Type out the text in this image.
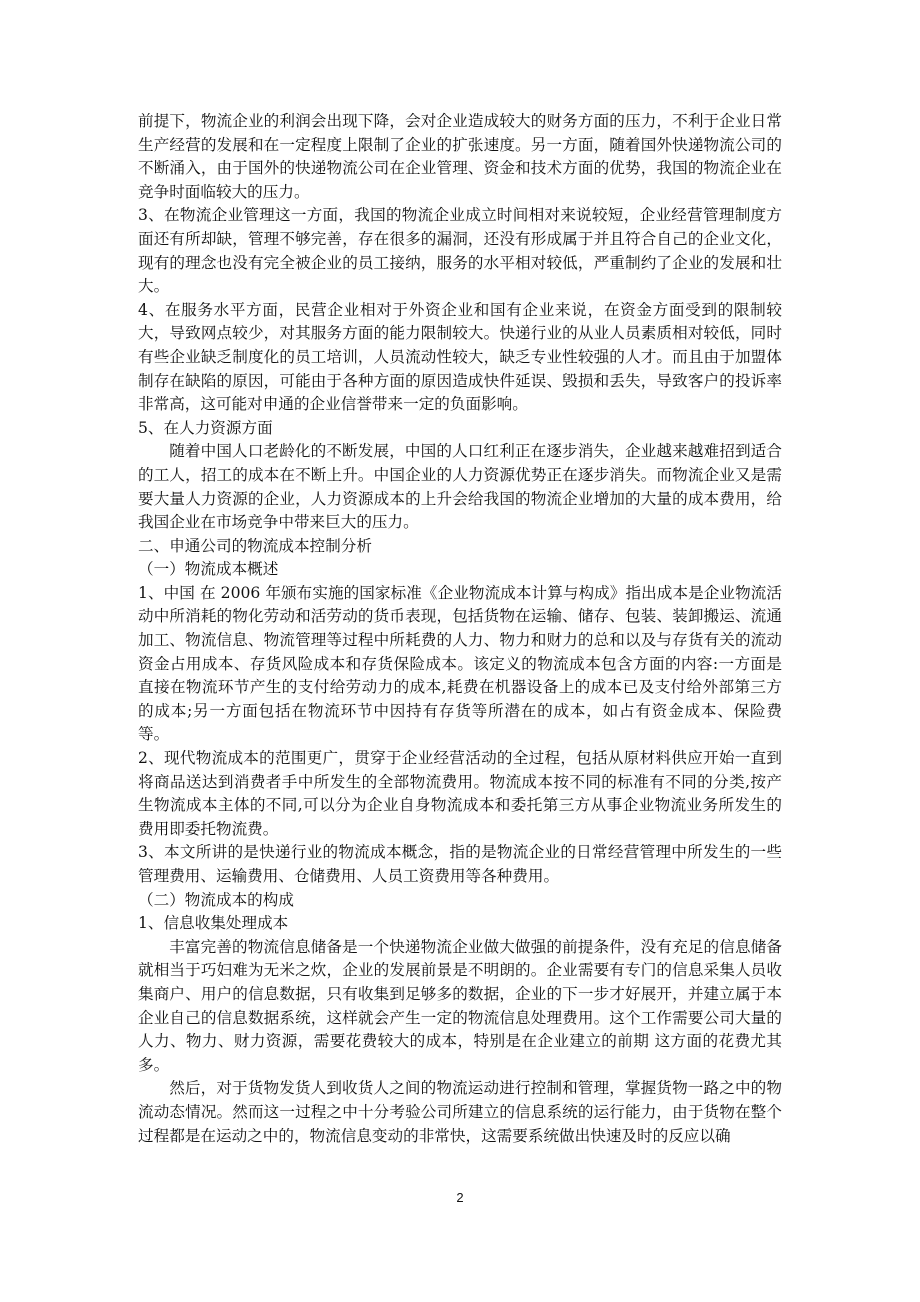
前提下，物流企业的利润会出现下降，会对企业造成较大的财务方面的压力，不利于企业日常生产经营的发展和在一定程度上限制了企业的扩张速度。另一方面，随着国外快递物流公司的不断涌入，由于国外的快递物流公司在企业管理、资金和技术方面的优势，我国的物流企业在竞争时面临较大的压力。

3、在物流企业管理这一方面，我国的物流企业成立时间相对来说较短，企业经营管理制度方面还有所却缺，管理不够完善，存在很多的漏洞，还没有形成属于并且符合自己的企业文化，现有的理念也没有完全被企业的员工接纳，服务的水平相对较低，严重制约了企业的发展和壮大。

4、在服务水平方面，民营企业相对于外资企业和国有企业来说，在资金方面受到的限制较大，导致网点较少，对其服务方面的能力限制较大。快递行业的从业人员素质相对较低，同时有些企业缺乏制度化的员工培训，人员流动性较大，缺乏专业性较强的人才。而且由于加盟体制存在缺陷的原因，可能由于各种方面的原因造成快件延误、毁损和丢失，导致客户的投诉率非常高，这可能对申通的企业信誉带来一定的负面影响。

5、在人力资源方面

随着中国人口老龄化的不断发展，中国的人口红利正在逐步消失，企业越来越难招到适合的工人，招工的成本在不断上升。中国企业的人力资源优势正在逐步消失。而物流企业又是需要大量人力资源的企业，人力资源成本的上升会给我国的物流企业增加的大量的成本费用，给我国企业在市场竞争中带来巨大的压力。

二、申通公司的物流成本控制分析

（一）物流成本概述

1、中国 在 2006 年颁布实施的国家标准《企业物流成本计算与构成》指出成本是企业物流活动中所消耗的物化劳动和活劳动的货币表现，包括货物在运输、储存、包装、装卸搬运、流通加工、物流信息、物流管理等过程中所耗费的人力、物力和财力的总和以及与存货有关的流动资金占用成本、存货风险成本和存货保险成本。该定义的物流成本包含方面的内容:一方面是直接在物流环节产生的支付给劳动力的成本,耗费在机器设备上的成本已及支付给外部第三方的成本;另一方面包括在物流环节中因持有存货等所潜在的成本，如占有资金成本、保险费等。

2、现代物流成本的范围更广，贯穿于企业经营活动的全过程，包括从原材料供应开始一直到将商品送达到消费者手中所发生的全部物流费用。物流成本按不同的标准有不同的分类,按产生物流成本主体的不同,可以分为企业自身物流成本和委托第三方从事企业物流业务所发生的费用即委托物流费。

3、本文所讲的是快递行业的物流成本概念，指的是物流企业的日常经营管理中所发生的一些管理费用、运输费用、仓储费用、人员工资费用等各种费用。

（二）物流成本的构成

1、信息收集处理成本

丰富完善的物流信息储备是一个快递物流企业做大做强的前提条件，没有充足的信息储备就相当于巧妇难为无米之炊，企业的发展前景是不明朗的。企业需要有专门的信息采集人员收集商户、用户的信息数据，只有收集到足够多的数据，企业的下一步才好展开，并建立属于本企业自己的信息数据系统，这样就会产生一定的物流信息处理费用。这个工作需要公司大量的人力、物力、财力资源，需要花费较大的成本，特别是在企业建立的前期 这方面的花费尤其多。

然后，对于货物发货人到收货人之间的物流运动进行控制和管理，掌握货物一路之中的物流动态情况。然而这一过程之中十分考验公司所建立的信息系统的运行能力，由于货物在整个过程都是在运动之中的，物流信息变动的非常快，这需要系统做出快速及时的反应以确

2
